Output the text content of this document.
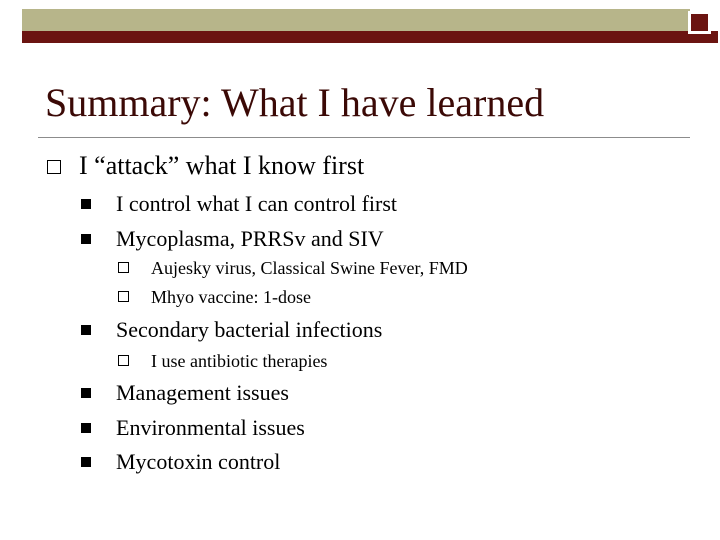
Summary: What I have learned
I “attack” what I know first
I control what I can control first
Mycoplasma, PRRSv and SIV
Aujesky virus, Classical Swine Fever, FMD
Mhyo vaccine: 1-dose
Secondary bacterial infections
I use antibiotic therapies
Management issues
Environmental issues
Mycotoxin control
